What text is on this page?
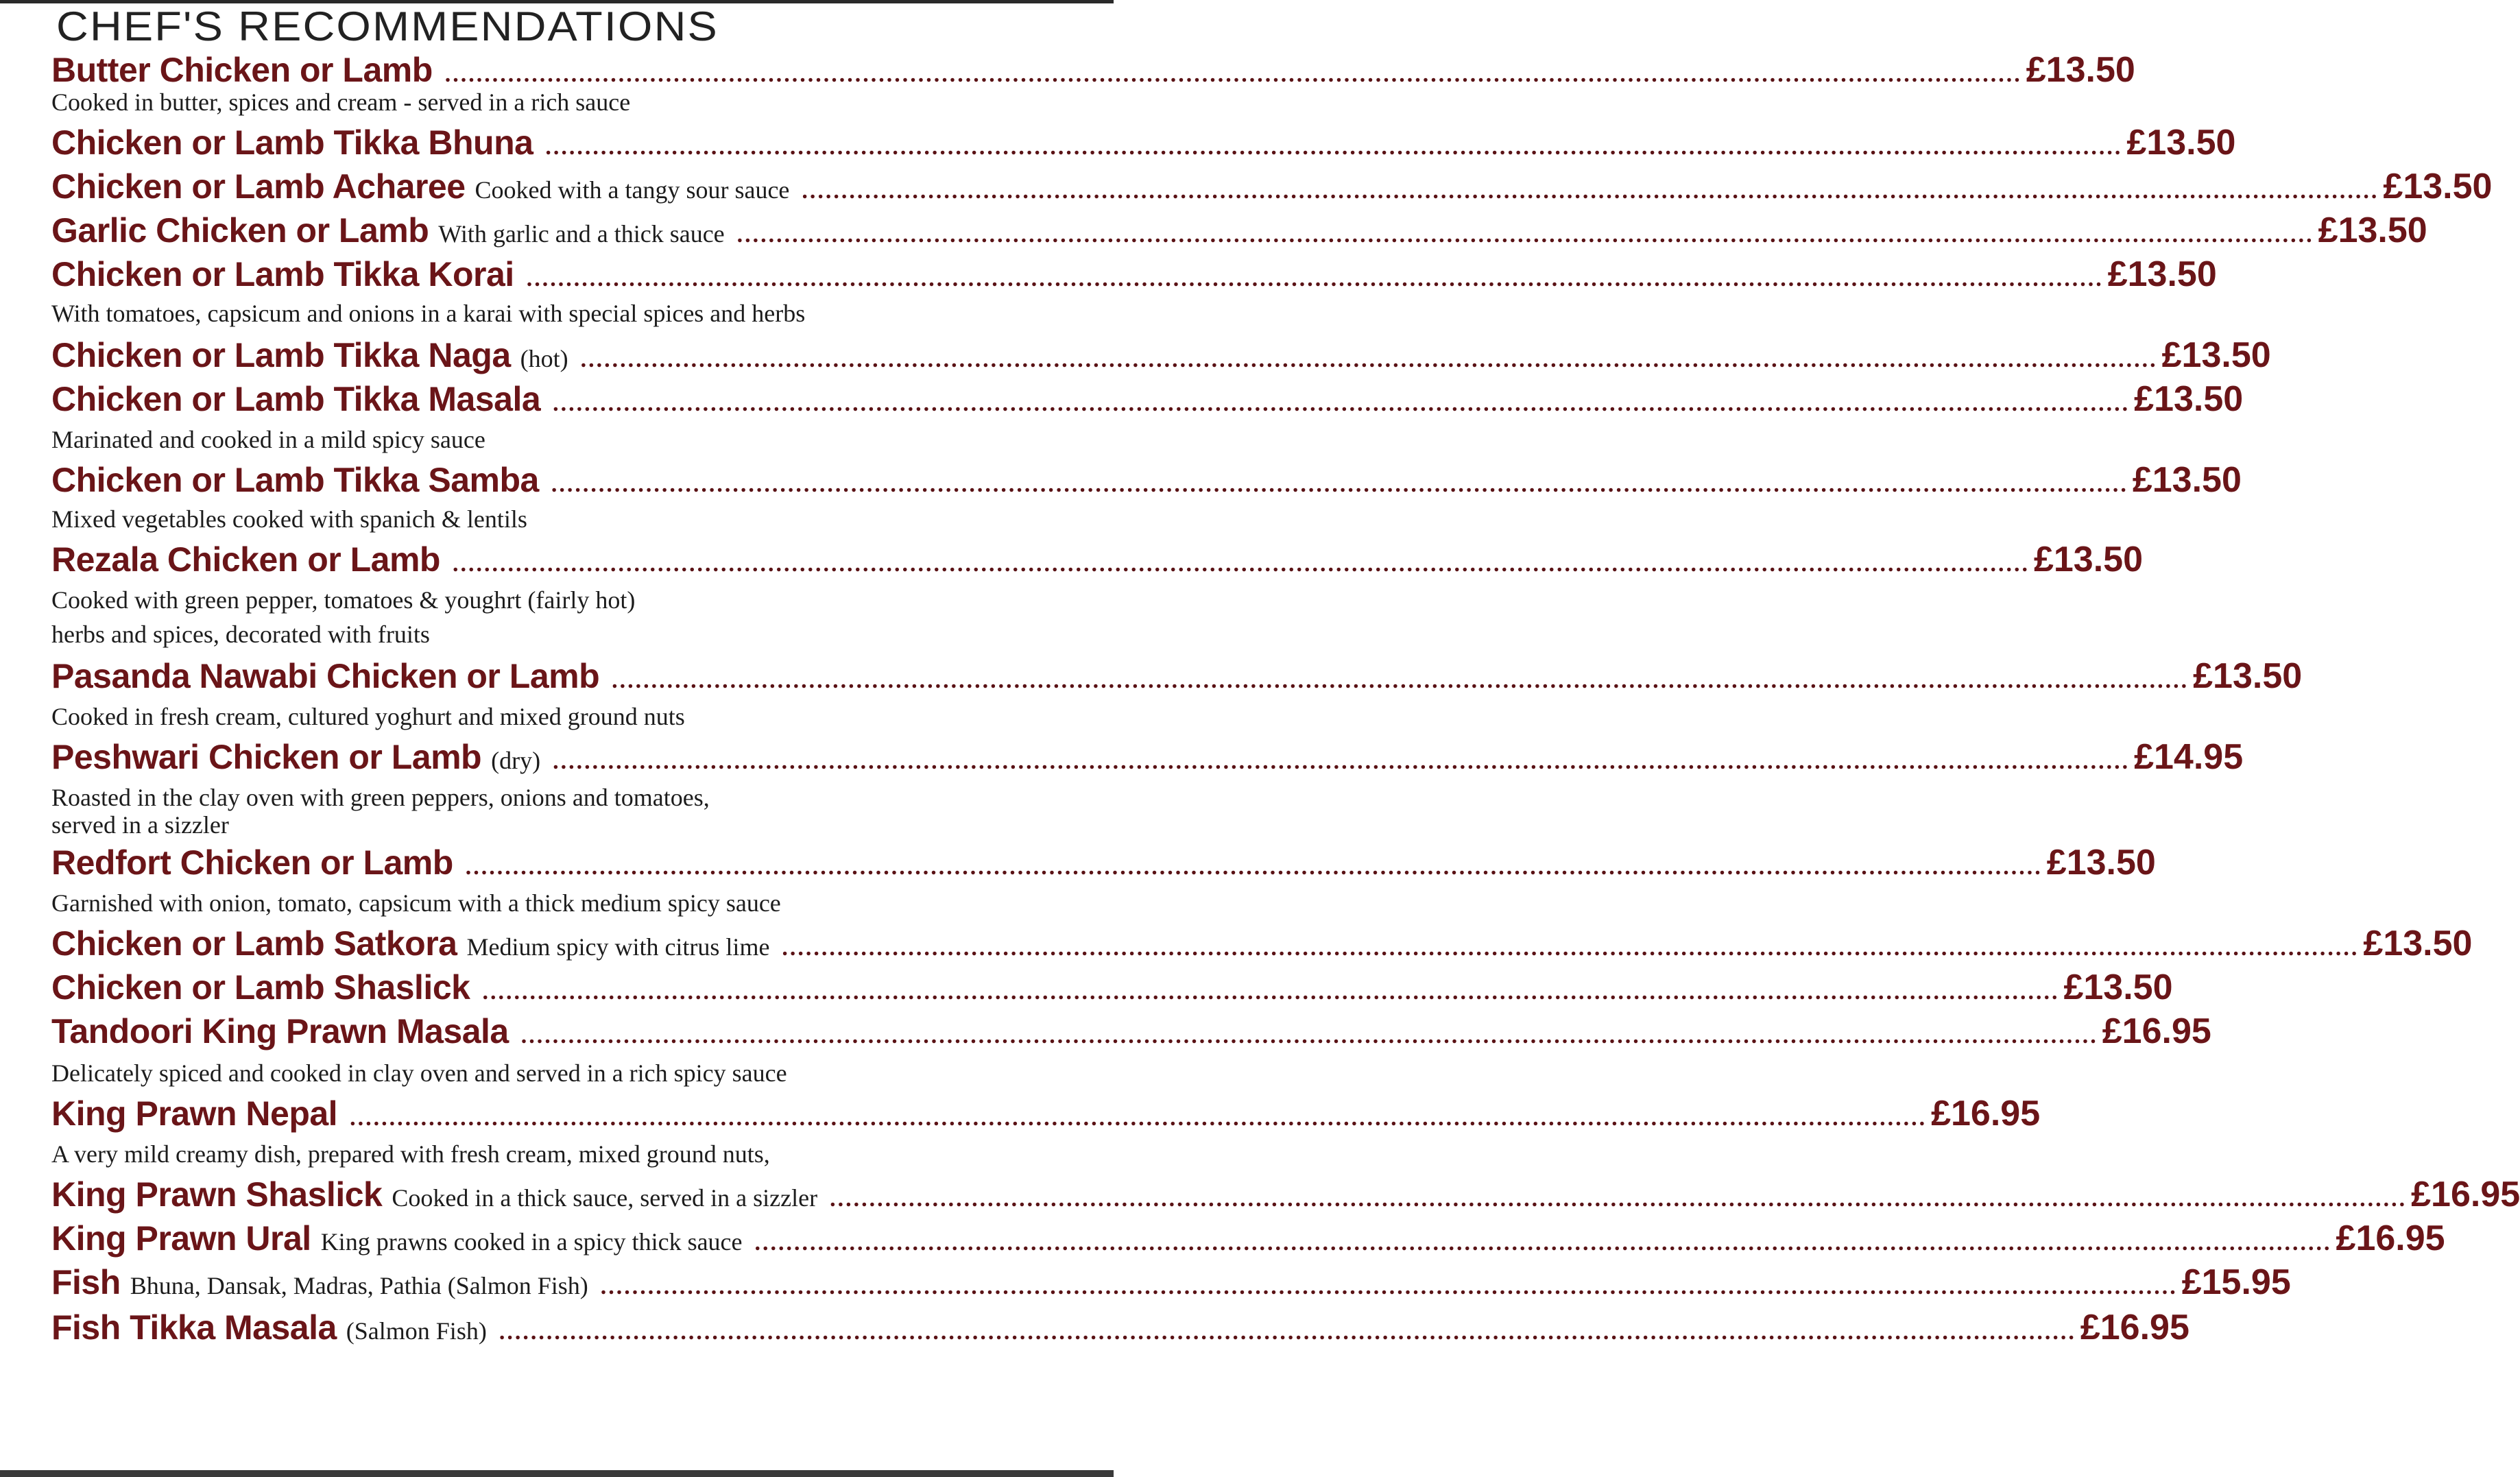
CHEF'S RECOMMENDATIONS
Butter Chicken or Lamb ........................................................................................................................................................................................................ £13.50
Cooked in butter, spices and cream - served in a rich sauce
Chicken or Lamb Tikka Bhuna ........................................................................................................................................................................................................ £13.50
Chicken or Lamb Acharee Cooked with a tangy sour sauce ........................................................................................................................................................................................................ £13.50
Garlic Chicken or Lamb With garlic and a thick sauce ........................................................................................................................................................................................................ £13.50
Chicken or Lamb Tikka Korai ........................................................................................................................................................................................................ £13.50
With tomatoes, capsicum and onions in a karai with special spices and herbs
Chicken or Lamb Tikka Naga (hot) ........................................................................................................................................................................................................ £13.50
Chicken or Lamb Tikka Masala ........................................................................................................................................................................................................ £13.50
Marinated and cooked in a mild spicy sauce
Chicken or Lamb Tikka Samba ........................................................................................................................................................................................................ £13.50
Mixed vegetables cooked with spanich & lentils
Rezala Chicken or Lamb ........................................................................................................................................................................................................ £13.50
Cooked with green pepper, tomatoes & youghrt (fairly hot)
herbs and spices, decorated with fruits
Pasanda Nawabi Chicken or Lamb ........................................................................................................................................................................................................ £13.50
Cooked in fresh cream, cultured yoghurt and mixed ground nuts
Peshwari Chicken or Lamb (dry) ........................................................................................................................................................................................................ £14.95
Roasted in the clay oven with green peppers, onions and tomatoes,
served in a sizzler
Redfort Chicken or Lamb ........................................................................................................................................................................................................ £13.50
Garnished with onion, tomato, capsicum with a thick medium spicy sauce
Chicken or Lamb Satkora Medium spicy with citrus lime ........................................................................................................................................................................................................ £13.50
Chicken or Lamb Shaslick ........................................................................................................................................................................................................ £13.50
Tandoori King Prawn Masala ........................................................................................................................................................................................................ £16.95
Delicately spiced and cooked in clay oven and served in a rich spicy sauce
King Prawn Nepal ........................................................................................................................................................................................................ £16.95
A very mild creamy dish, prepared with fresh cream, mixed ground nuts,
King Prawn Shaslick Cooked in a thick sauce, served in a sizzler ........................................................................................................................................................................................................ £16.95
King Prawn Ural King prawns cooked in a spicy thick sauce ........................................................................................................................................................................................................ £16.95
Fish Bhuna, Dansak, Madras, Pathia (Salmon Fish) ........................................................................................................................................................................................................ £15.95
Fish Tikka Masala (Salmon Fish) ........................................................................................................................................................................................................ £16.95
